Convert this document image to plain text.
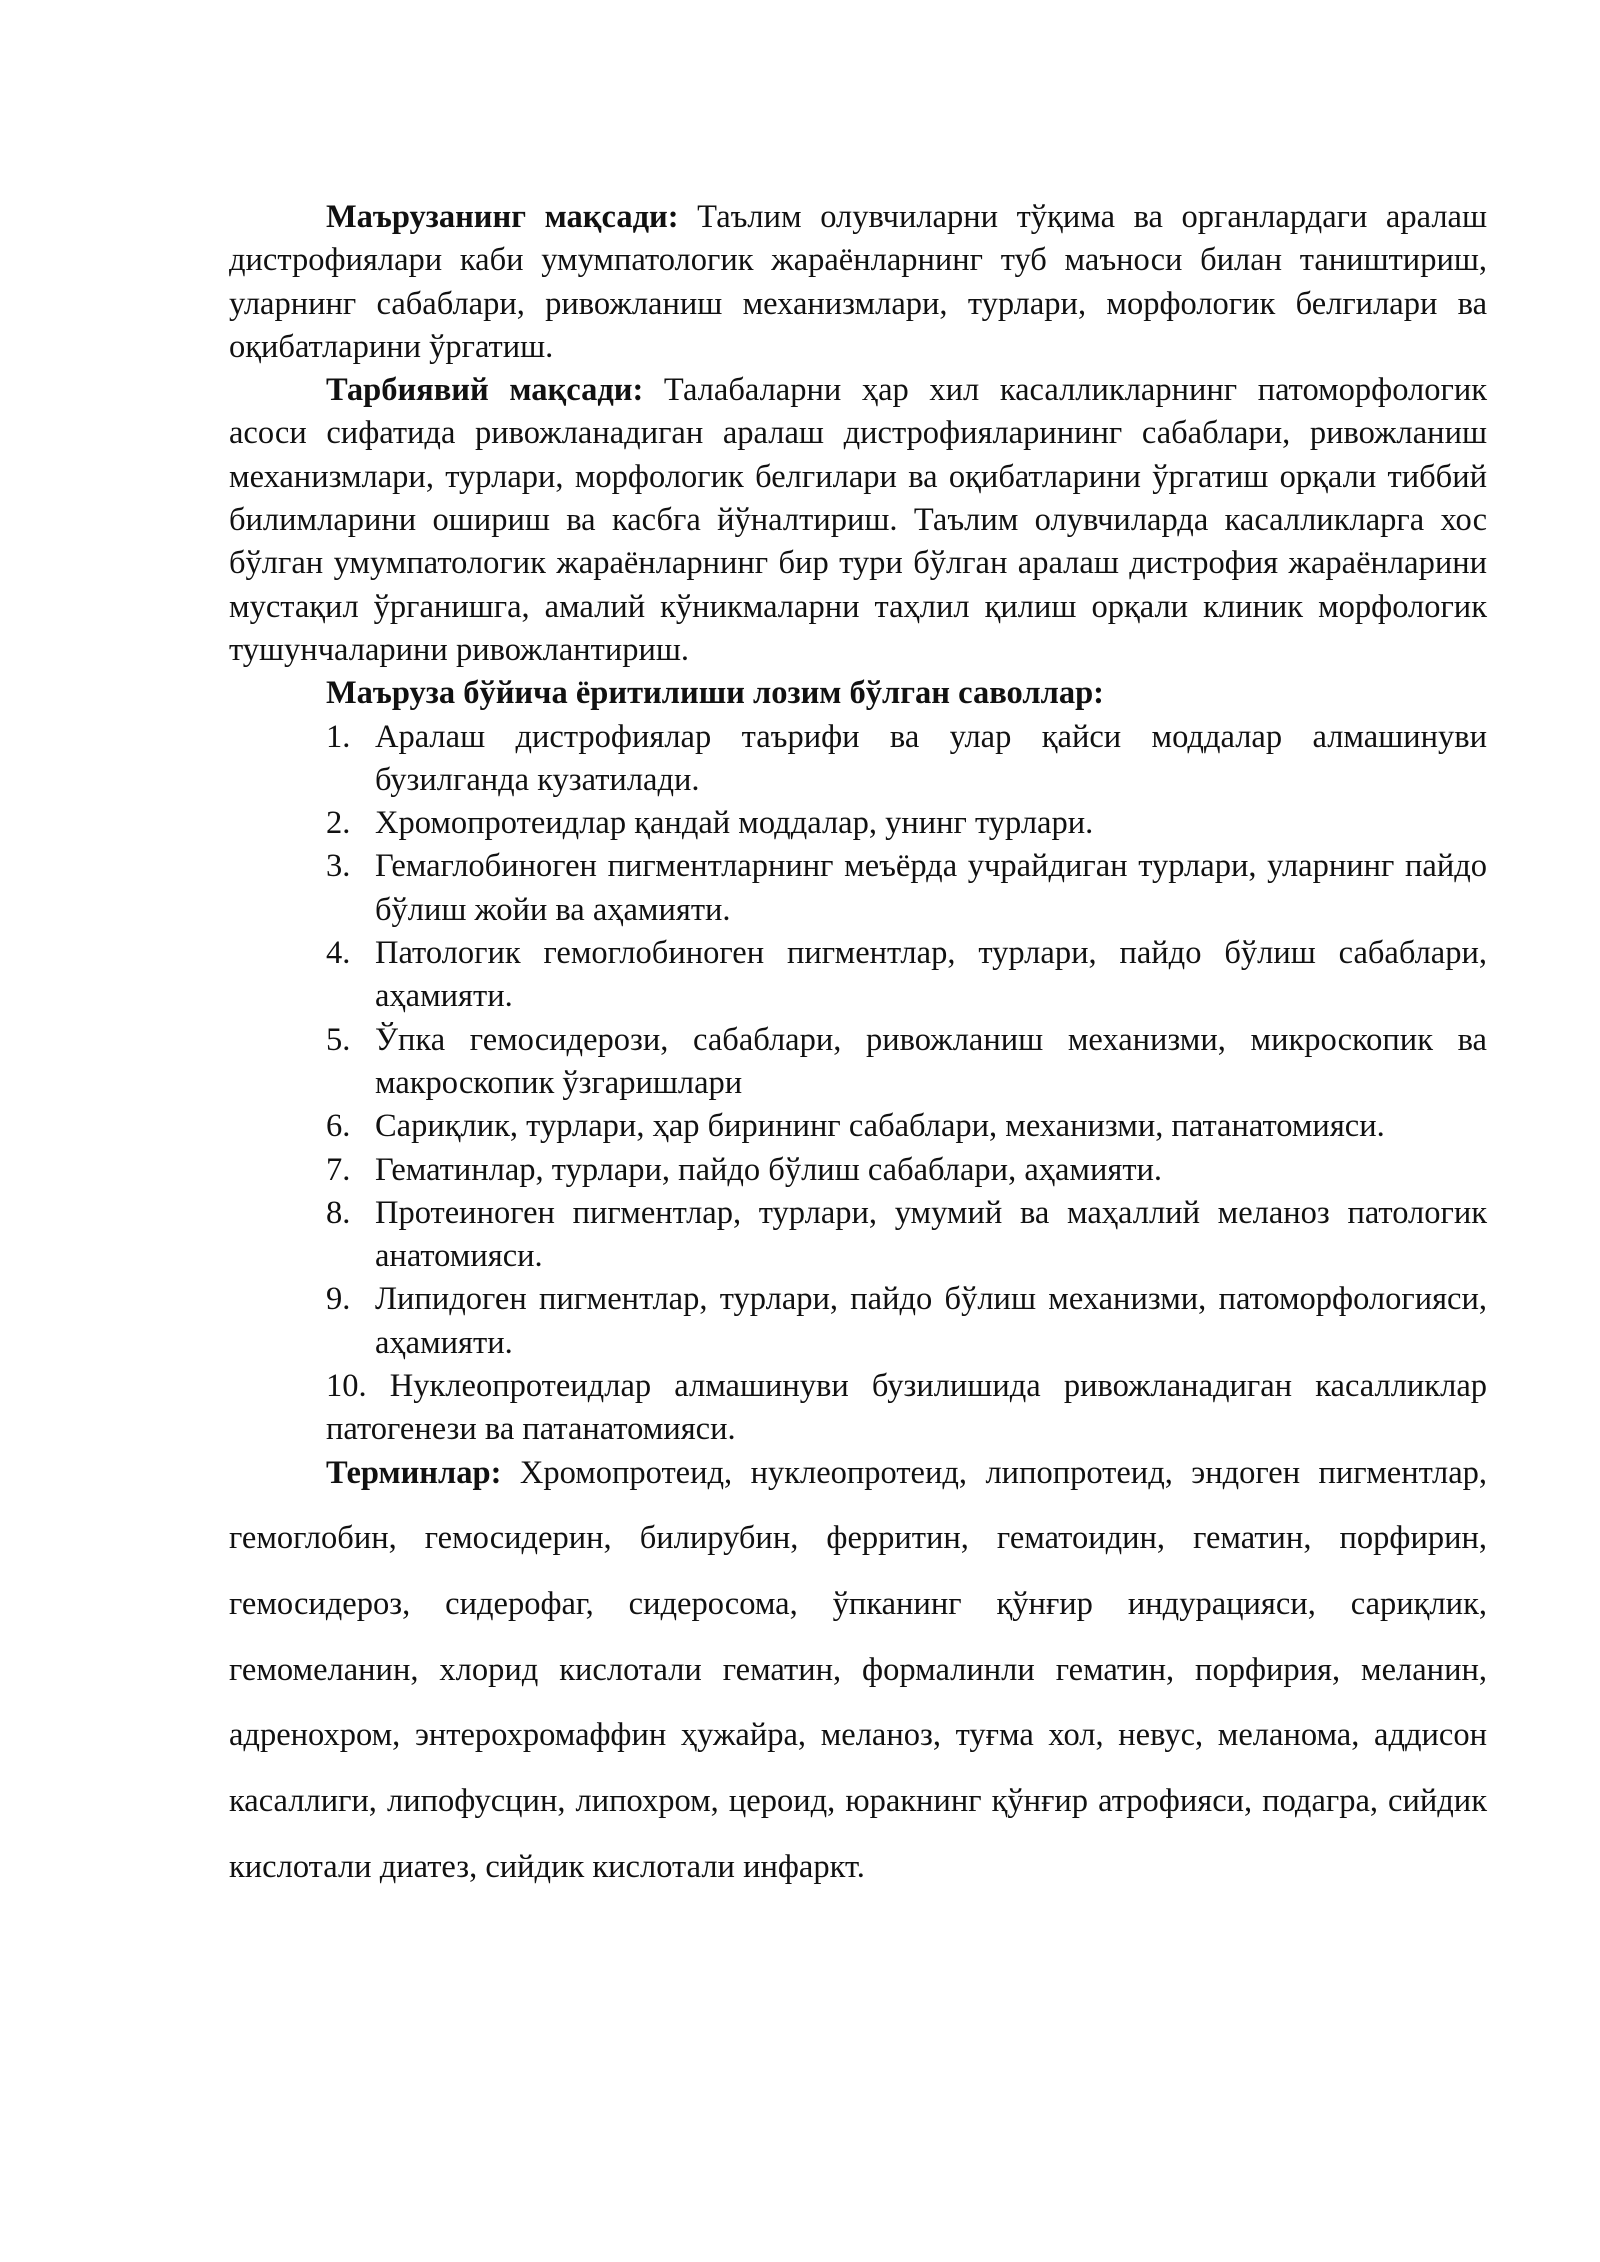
Маърузанинг мақсади: Таълим олувчиларни тўқима ва органлардаги аралаш дистрофиялари каби умумпатологик жараёнларнинг туб маъноси билан таништириш, уларнинг сабаблари, ривожланиш механизмлари, турлари, морфологик белгилари ва оқибатларини ўргатиш.

Тарбиявий мақсади: Талабаларни ҳар хил касалликларнинг патоморфологик асоси сифатида ривожланадиган аралаш дистрофияларининг сабаблари, ривожланиш механизмлари, турлари, морфологик белгилари ва оқибатларини ўргатиш орқали тиббий билимларини ошириш ва касбга йўналтириш. Таълим олувчиларда касалликларга хос бўлган умумпатологик жараёнларнинг бир тури бўлган аралаш дистрофия жараёнларини мустақил ўрганишга, амалий кўникмаларни таҳлил қилиш орқали клиник морфологик тушунчаларини ривожлантириш.

Маъруза бўйича ёритилиши лозим бўлган саволлар:

1. Аралаш дистрофиялар таърифи ва улар қайси моддалар алмашинуви бузилганда кузатилади.
2. Хромопротеидлар қандай моддалар, унинг турлари.
3. Гемаглобиноген пигментларнинг меъёрда учрайдиган турлари, уларнинг пайдо бўлиш жойи ва аҳамияти.
4. Патологик гемоглобиноген пигментлар, турлари, пайдо бўлиш сабаблари, аҳамияти.
5. Ўпка гемосидерози, сабаблари, ривожланиш механизми, микроскопик ва макроскопик ўзгаришлари
6. Сариқлик, турлари, ҳар бирининг сабаблари, механизми, патанатомияси.
7. Гематинлар, турлари, пайдо бўлиш сабаблари, аҳамияти.
8. Протеиноген пигментлар, турлари, умумий ва маҳаллий меланоз патологик анатомияси.
9. Липидоген пигментлар, турлари, пайдо бўлиш механизми, патоморфологияси, аҳамияти.
10. Нуклеопротеидлар алмашинуви бузилишида ривожланадиган касалликлар патогенези ва патанатомияси.

Терминлар: Хромопротеид, нуклеопротеид, липопротеид, эндоген пигментлар, гемоглобин, гемосидерин, билирубин, ферритин, гематоидин, гематин, порфирин, гемосидероз, сидерофаг, сидеросома, ўпканинг қўнғир индурацияси, сариқлик, гемомеланин, хлорид кислотали гематин, формалинли гематин, порфирия, меланин, адренохром, энтерохромаффин ҳужайра, меланоз, туғма хол, невус, меланома, аддисон касаллиги, липофусцин, липохром, цероид, юракнинг қўнғир атрофияси, подагра, сийдик кислотали диатез, сийдик кислотали инфаркт.
